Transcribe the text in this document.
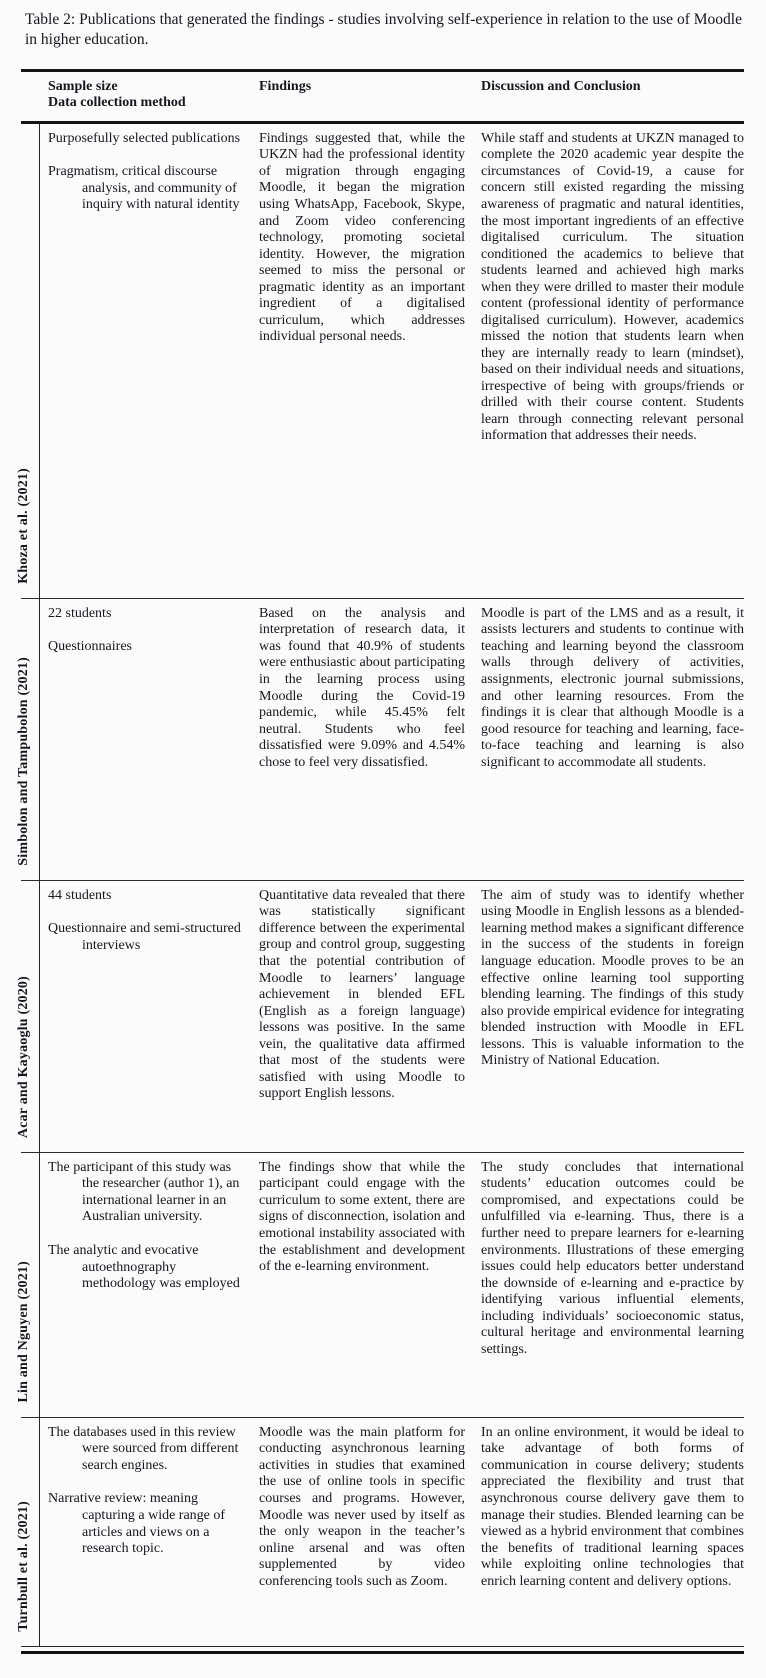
Table 2: Publications that generated the findings - studies involving self-experience in relation to the use of Moodle in higher education.

Sample size
Data collection method
Findings	Discussion and Conclusion
Khoza et al. (2021)

Purposefully selected publications

Pragmatism, critical discourse analysis, and community of inquiry with natural identity

Findings suggested that, while the UKZN had the professional identity of migration through engaging Moodle, it began the migration using WhatsApp, Facebook, Skype, and Zoom video conferencing technology, promoting societal identity. However, the migration seemed to miss the personal or pragmatic identity as an important ingredient of a digitalised curriculum, which addresses individual personal needs.

While staff and students at UKZN managed to complete the 2020 academic year despite the circumstances of Covid-19, a cause for concern still existed regarding the missing awareness of pragmatic and natural identities, the most important ingredients of an effective digitalised curriculum. The situation conditioned the academics to believe that students learned and achieved high marks when they were drilled to master their module content (professional identity of performance digitalised curriculum). However, academics missed the notion that students learn when they are internally ready to learn (mindset), based on their individual needs and situations, irrespective of being with groups/friends or drilled with their course content. Students learn through connecting relevant personal information that addresses their needs.

Simbolon and Tampubolon (2021)

22 students

Questionnaires

Based on the analysis and interpretation of research data, it was found that 40.9% of students were enthusiastic about participating in the learning process using Moodle during the Covid-19 pandemic, while 45.45% felt neutral. Students who feel dissatisfied were 9.09% and 4.54% chose to feel very dissatisfied.

Moodle is part of the LMS and as a result, it assists lecturers and students to continue with teaching and learning beyond the classroom walls through delivery of activities, assignments, electronic journal submissions, and other learning resources. From the findings it is clear that although Moodle is a good resource for teaching and learning, face-to-face teaching and learning is also significant to accommodate all students.

Acar and Kayaoglu (2020)

44 students

Questionnaire and semi-structured interviews

Quantitative data revealed that there was statistically significant difference between the experimental group and control group, suggesting that the potential contribution of Moodle to learners’ language achievement in blended EFL (English as a foreign language) lessons was positive. In the same vein, the qualitative data affirmed that most of the students were satisfied with using Moodle to support English lessons.

The aim of study was to identify whether using Moodle in English lessons as a blended-learning method makes a significant difference in the success of the students in foreign language education. Moodle proves to be an effective online learning tool supporting blending learning. The findings of this study also provide empirical evidence for integrating blended instruction with Moodle in EFL lessons. This is valuable information to the Ministry of National Education.

Lin and Nguyen (2021)

The participant of this study was the researcher (author 1), an international learner in an Australian university.

The analytic and evocative autoethnography methodology was employed

The findings show that while the participant could engage with the curriculum to some extent, there are signs of disconnection, isolation and emotional instability associated with the establishment and development of the e-learning environment.

The study concludes that international students’ education outcomes could be compromised, and expectations could be unfulfilled via e-learning. Thus, there is a further need to prepare learners for e-learning environments. Illustrations of these emerging issues could help educators better understand the downside of e-learning and e-practice by identifying various influential elements, including individuals’ socioeconomic status, cultural heritage and environmental learning settings.

Turnbull et al. (2021)

The databases used in this review were sourced from different search engines.

Narrative review: meaning capturing a wide range of articles and views on a research topic.

Moodle was the main platform for conducting asynchronous learning activities in studies that examined the use of online tools in specific courses and programs. However, Moodle was never used by itself as the only weapon in the teacher’s online arsenal and was often supplemented by video conferencing tools such as Zoom.

In an online environment, it would be ideal to take advantage of both forms of communication in course delivery; students appreciated the flexibility and trust that asynchronous course delivery gave them to manage their studies. Blended learning can be viewed as a hybrid environment that combines the benefits of traditional learning spaces while exploiting online technologies that enrich learning content and delivery options.
